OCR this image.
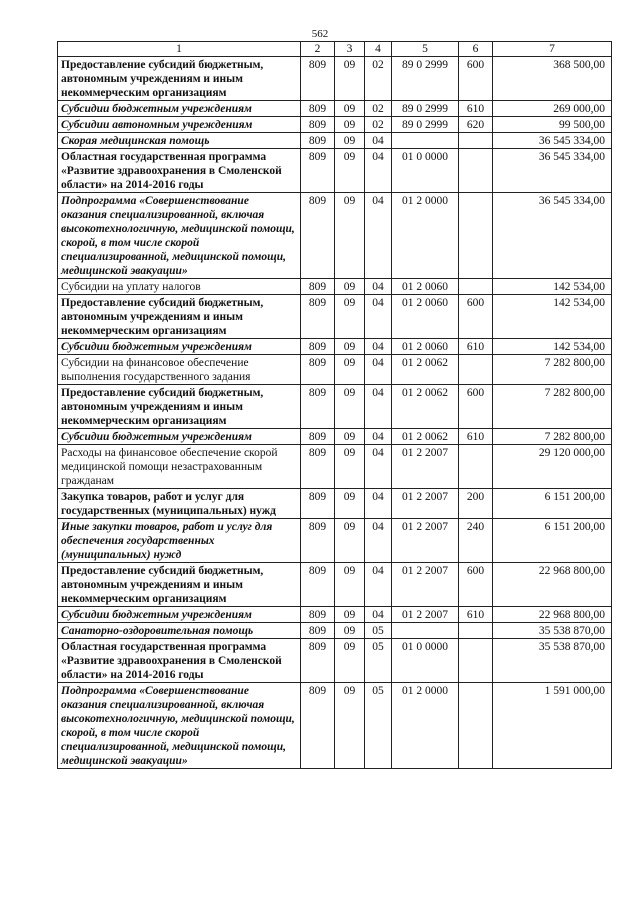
562
1	2	3	4	5	6	7
Предоставление субсидий бюджетным, автономным учреждениям и иным некоммерческим организациям	809	09	02	89 0 2999	600	368 500,00
Субсидии бюджетным учреждениям	809	09	02	89 0 2999	610	269 000,00
Субсидии автономным учреждениям	809	09	02	89 0 2999	620	99 500,00
Скорая медицинская помощь	809	09	04			36 545 334,00
Областная государственная программа «Развитие здравоохранения в Смоленской области» на 2014-2016 годы	809	09	04	01 0 0000		36 545 334,00
Подпрограмма «Совершенствование оказания специализированной, включая высокотехнологичную, медицинской помощи, скорой, в том числе скорой специализированной, медицинской помощи, медицинской эвакуации»	809	09	04	01 2 0000		36 545 334,00
Субсидии на уплату налогов	809	09	04	01 2 0060		142 534,00
Предоставление субсидий бюджетным, автономным учреждениям и иным некоммерческим организациям	809	09	04	01 2 0060	600	142 534,00
Субсидии бюджетным учреждениям	809	09	04	01 2 0060	610	142 534,00
Субсидии на финансовое обеспечение выполнения государственного задания	809	09	04	01 2 0062		7 282 800,00
Предоставление субсидий бюджетным, автономным учреждениям и иным некоммерческим организациям	809	09	04	01 2 0062	600	7 282 800,00
Субсидии бюджетным учреждениям	809	09	04	01 2 0062	610	7 282 800,00
Расходы на финансовое обеспечение скорой медицинской помощи незастрахованным гражданам	809	09	04	01 2 2007		29 120 000,00
Закупка товаров, работ и услуг для государственных (муниципальных) нужд	809	09	04	01 2 2007	200	6 151 200,00
Иные закупки товаров, работ и услуг для обеспечения государственных (муниципальных) нужд	809	09	04	01 2 2007	240	6 151 200,00
Предоставление субсидий бюджетным, автономным учреждениям и иным некоммерческим организациям	809	09	04	01 2 2007	600	22 968 800,00
Субсидии бюджетным учреждениям	809	09	04	01 2 2007	610	22 968 800,00
Санаторно-оздоровительная помощь	809	09	05			35 538 870,00
Областная государственная программа «Развитие здравоохранения в Смоленской области» на 2014-2016 годы	809	09	05	01 0 0000		35 538 870,00
Подпрограмма «Совершенствование оказания специализированной, включая высокотехнологичную, медицинской помощи, скорой, в том числе скорой специализированной, медицинской помощи, медицинской эвакуации»	809	09	05	01 2 0000		1 591 000,00
